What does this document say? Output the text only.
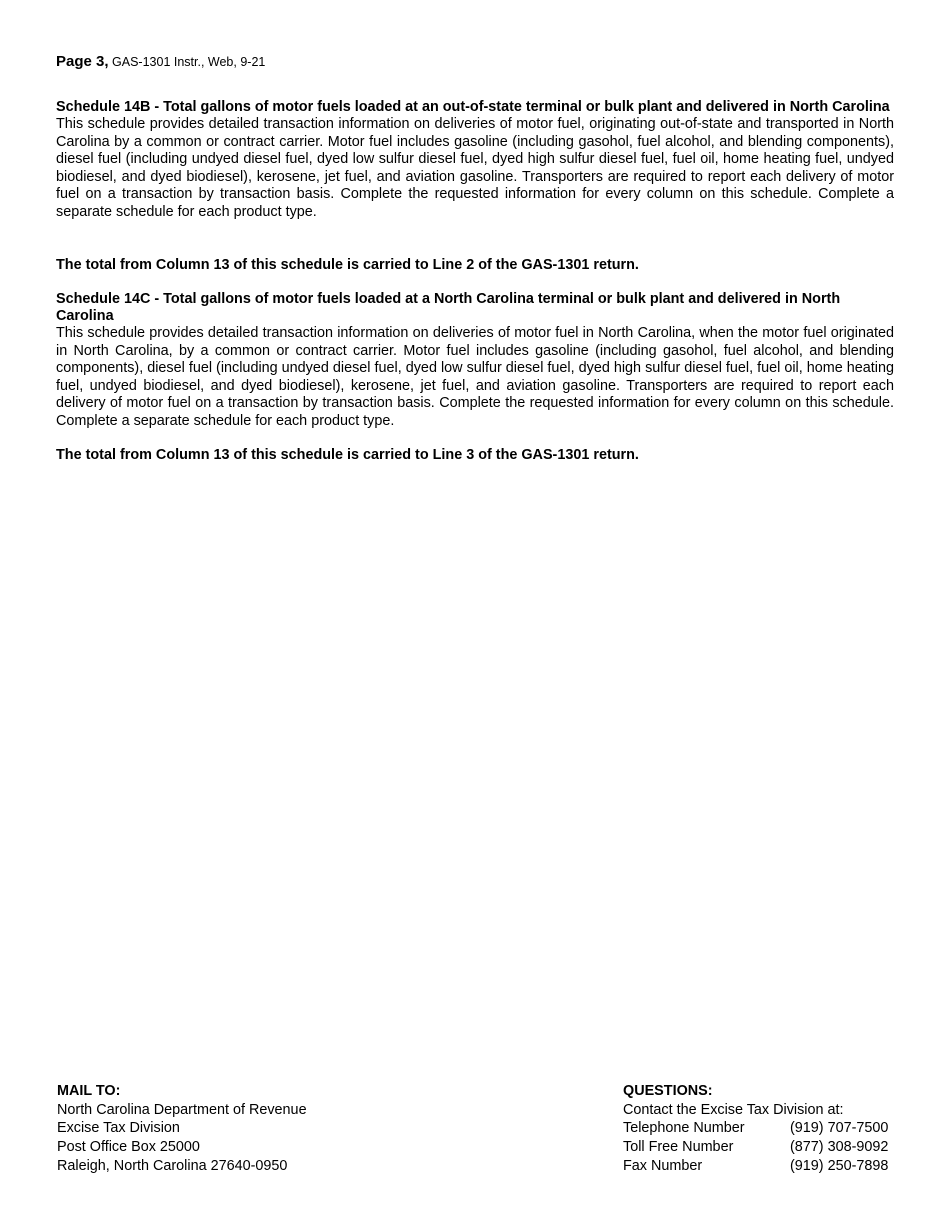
Page 3, GAS-1301 Instr., Web, 9-21
Schedule 14B - Total gallons of motor fuels loaded at an out-of-state terminal or bulk plant and delivered in North Carolina

This schedule provides detailed transaction information on deliveries of motor fuel, originating out-of-state and transported in North Carolina by a common or contract carrier. Motor fuel includes gasoline (including gasohol, fuel alcohol, and blending components), diesel fuel (including undyed diesel fuel, dyed low sulfur diesel fuel, dyed high sulfur diesel fuel, fuel oil, home heating fuel, undyed biodiesel, and dyed biodiesel), kerosene, jet fuel, and aviation gasoline. Transporters are required to report each delivery of motor fuel on a transaction by transaction basis. Complete the requested information for every column on this schedule. Complete a separate schedule for each product type.

The total from Column 13 of this schedule is carried to Line 2 of the GAS-1301 return.
Schedule 14C - Total gallons of motor fuels loaded at a North Carolina terminal or bulk plant and delivered in North Carolina

This schedule provides detailed transaction information on deliveries of motor fuel in North Carolina, when the motor fuel originated in North Carolina, by a common or contract carrier. Motor fuel includes gasoline (including gasohol, fuel alcohol, and blending components), diesel fuel (including undyed diesel fuel, dyed low sulfur diesel fuel, dyed high sulfur diesel fuel, fuel oil, home heating fuel, undyed biodiesel, and dyed biodiesel), kerosene, jet fuel, and aviation gasoline. Transporters are required to report each delivery of motor fuel on a transaction by transaction basis. Complete the requested information for every column on this schedule. Complete a separate schedule for each product type.

The total from Column 13 of this schedule is carried to Line 3 of the GAS-1301 return.
MAIL TO:
North Carolina Department of Revenue
Excise Tax Division
Post Office Box 25000
Raleigh, North Carolina 27640-0950
QUESTIONS:
Contact the Excise Tax Division at:
Telephone Number	(919) 707-7500
Toll Free Number	(877) 308-9092
Fax Number	(919) 250-7898
